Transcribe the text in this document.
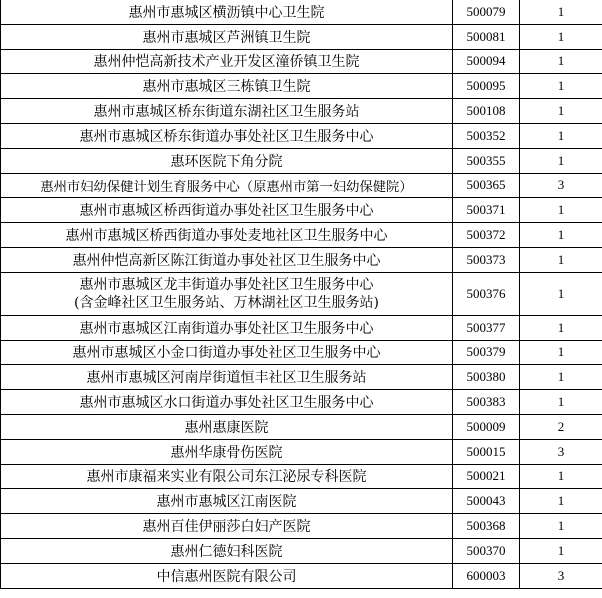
惠州市惠城区横沥镇中心卫生院	500079	1
惠州市惠城区芦洲镇卫生院	500081	1
惠州仲恺高新技术产业开发区潼侨镇卫生院	500094	1
惠州市惠城区三栋镇卫生院	500095	1
惠州市惠城区桥东街道东湖社区卫生服务站	500108	1
惠州市惠城区桥东街道办事处社区卫生服务中心	500352	1
惠环医院下角分院	500355	1
惠州市妇幼保健计划生育服务中心（原惠州市第一妇幼保健院）	500365	3
惠州市惠城区桥西街道办事处社区卫生服务中心	500371	1
惠州市惠城区桥西街道办事处麦地社区卫生服务中心	500372	1
惠州仲恺高新区陈江街道办事处社区卫生服务中心	500373	1

惠州市惠城区龙丰街道办事处社区卫生服务中心
(含金峰社区卫生服务站、万林湖社区卫生服务站)	500376	1
惠州市惠城区江南街道办事处社区卫生服务中心	500377	1
惠州市惠城区小金口街道办事处社区卫生服务中心	500379	1
惠州市惠城区河南岸街道恒丰社区卫生服务站	500380	1
惠州市惠城区水口街道办事处社区卫生服务中心	500383	1
惠州惠康医院	500009	2
惠州华康骨伤医院	500015	3
惠州市康福来实业有限公司东江泌尿专科医院	500021	1
惠州市惠城区江南医院	500043	1
惠州百佳伊丽莎白妇产医院	500368	1
惠州仁德妇科医院	500370	1
中信惠州医院有限公司	600003	3
